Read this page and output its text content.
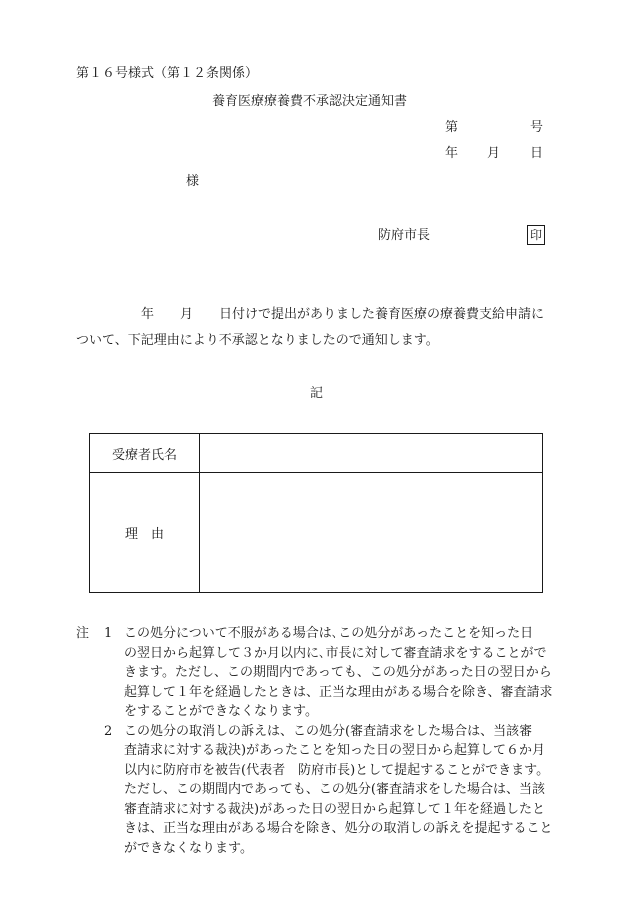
第１６号様式（第１２条関係）
養育医療療養費不承認決定通知書
第	号
年 月 日
様
防府市長	印
　　　　　年　　月　　日付けで提出がありました養育医療の療養費支給申請に
ついて、下記理由により不承認となりましたので通知します。
記
受療者氏名	
理　由	
注 1 この処分について不服がある場合は､この処分があったことを知った日
の翌日から起算して３か月以内に､市長に対して審査請求をすることがで
きます。ただし、この期間内であっても、この処分があった日の翌日から
起算して１年を経過したときは、正当な理由がある場合を除き、審査請求
をすることができなくなります。
2 この処分の取消しの訴えは、この処分(審査請求をした場合は、当該審
査請求に対する裁決)があったことを知った日の翌日から起算して６か月
以内に防府市を被告(代表者　防府市長)として提起することができます。
ただし、この期間内であっても、この処分(審査請求をした場合は、当該
審査請求に対する裁決)があった日の翌日から起算して１年を経過したと
きは、正当な理由がある場合を除き、処分の取消しの訴えを提起すること
ができなくなります。
